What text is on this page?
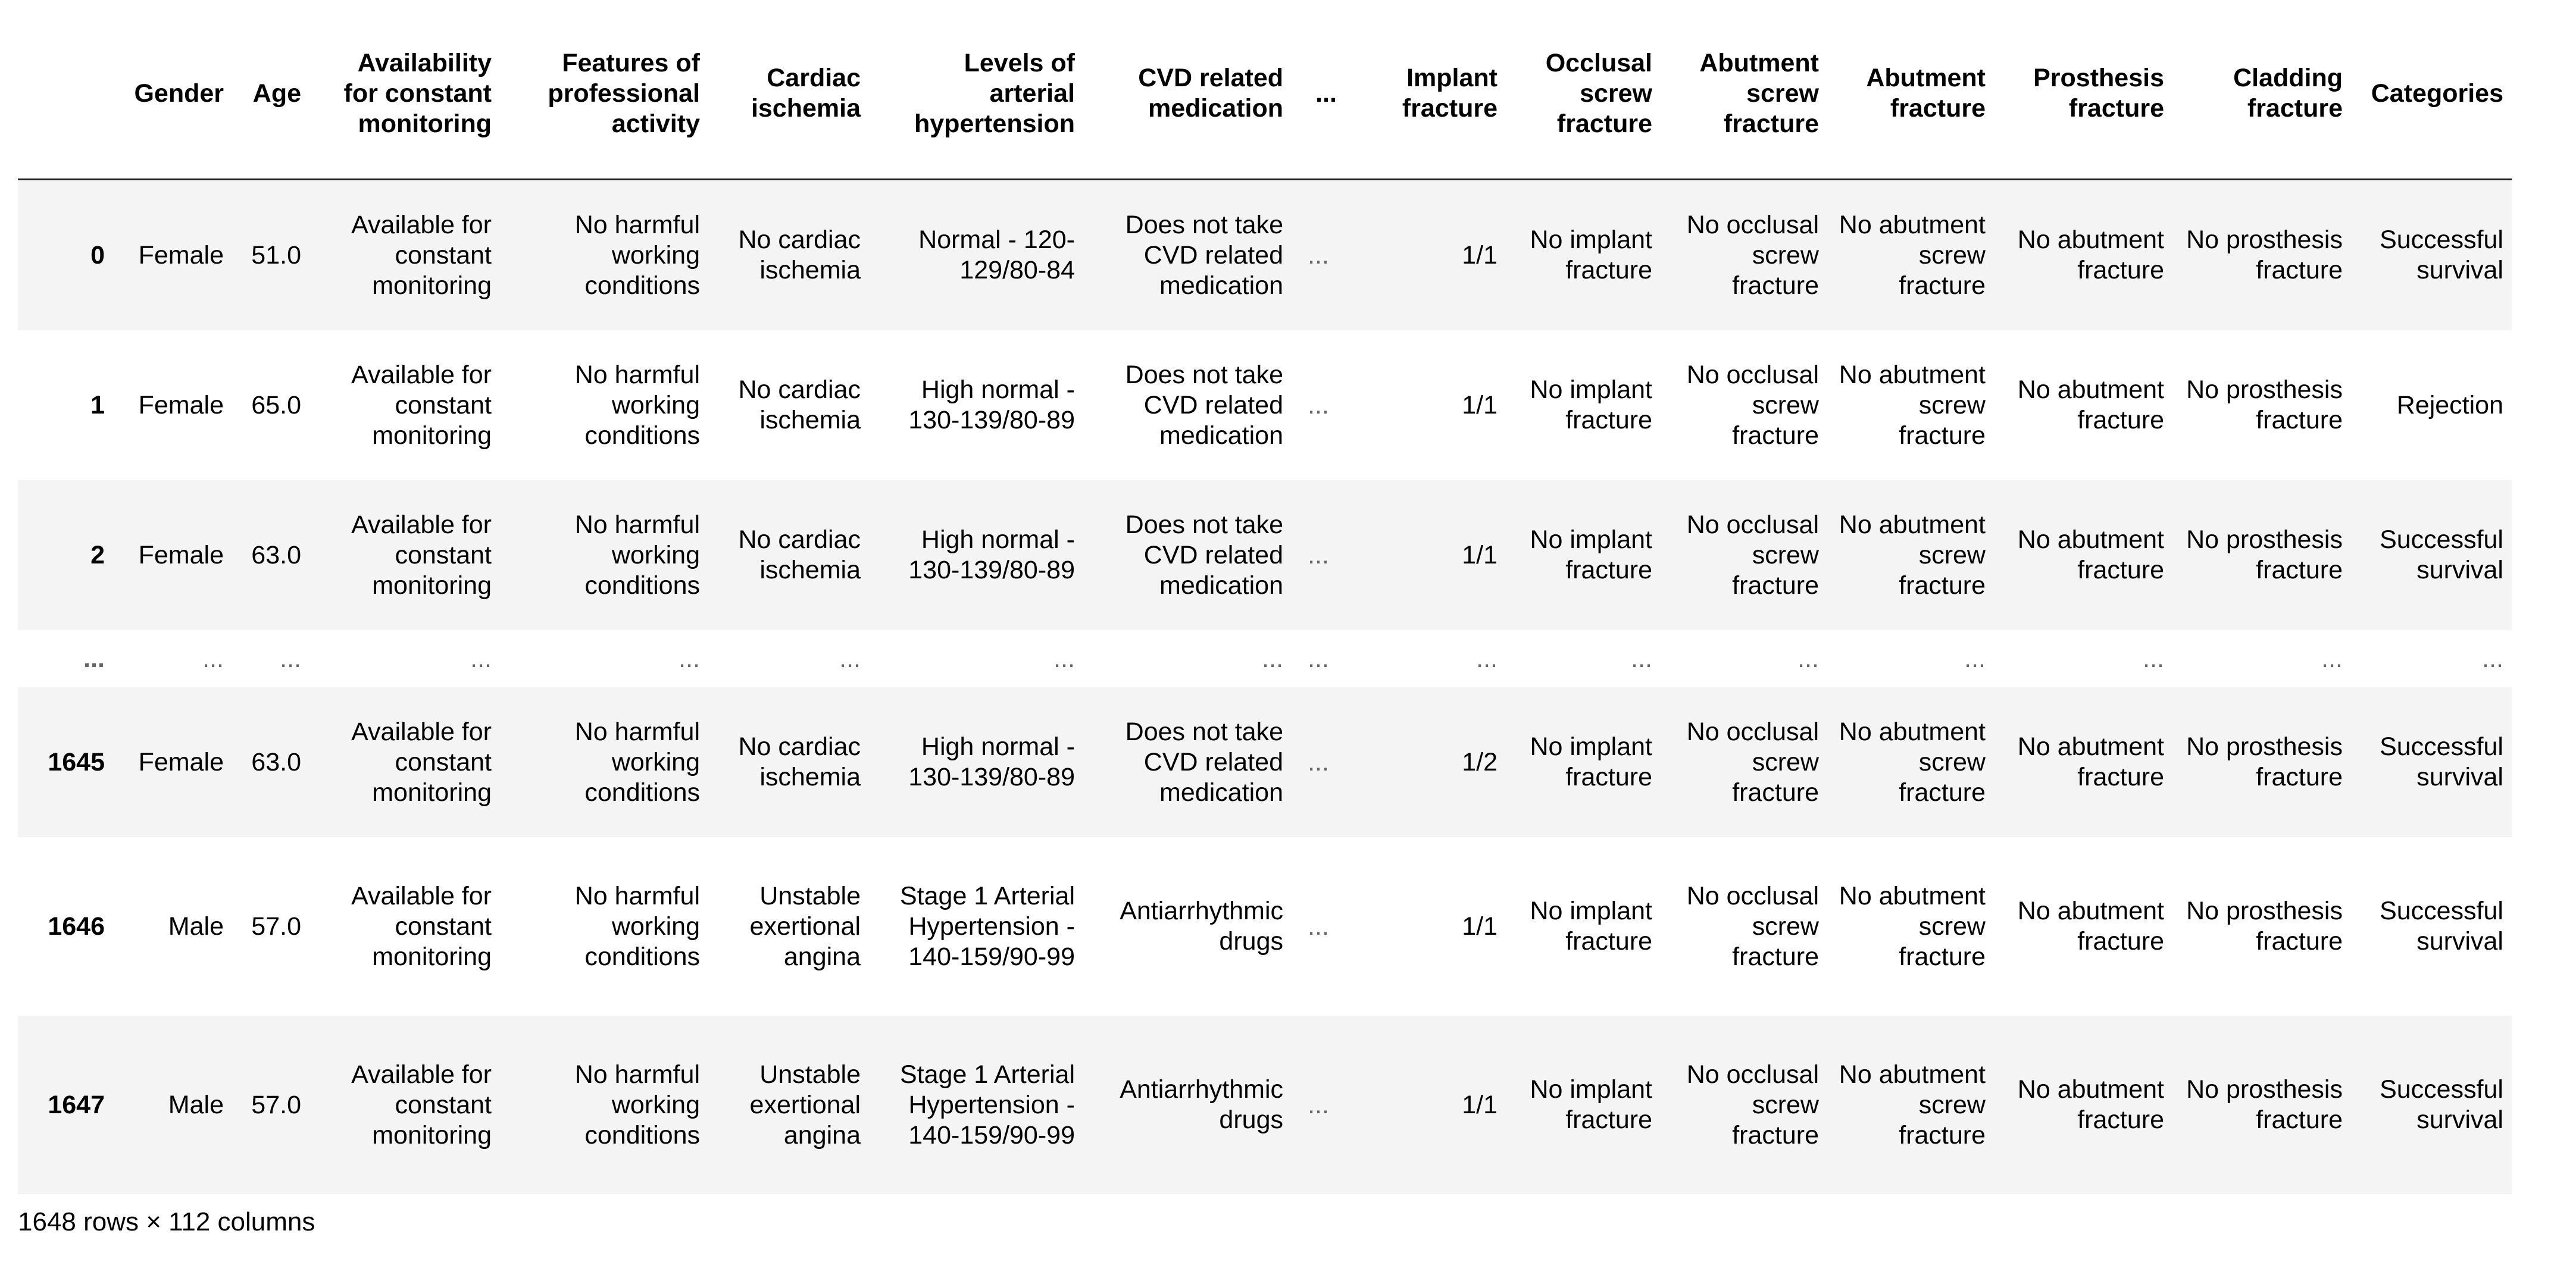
	Gender	Age	Availability for constant monitoring	Features of professional activity	Cardiac ischemia	Levels of arterial hypertension	CVD related medication	...	Implant fracture	Occlusal screw fracture	Abutment screw fracture	Abutment fracture	Prosthesis fracture	Cladding fracture	Categories
0	Female	51.0	Available for constant monitoring	No harmful working conditions	No cardiac ischemia	Normal - 120-129/80-84	Does not take CVD related medication	...	1/1	No implant fracture	No occlusal screw fracture	No abutment screw fracture	No abutment fracture	No prosthesis fracture	Successful survival
1	Female	65.0	Available for constant monitoring	No harmful working conditions	No cardiac ischemia	High normal - 130-139/80-89	Does not take CVD related medication	...	1/1	No implant fracture	No occlusal screw fracture	No abutment screw fracture	No abutment fracture	No prosthesis fracture	Rejection
2	Female	63.0	Available for constant monitoring	No harmful working conditions	No cardiac ischemia	High normal - 130-139/80-89	Does not take CVD related medication	...	1/1	No implant fracture	No occlusal screw fracture	No abutment screw fracture	No abutment fracture	No prosthesis fracture	Successful survival
...	...	...	...	...	...	...	...	...	...	...	...	...	...	...	...
1645	Female	63.0	Available for constant monitoring	No harmful working conditions	No cardiac ischemia	High normal - 130-139/80-89	Does not take CVD related medication	...	1/2	No implant fracture	No occlusal screw fracture	No abutment screw fracture	No abutment fracture	No prosthesis fracture	Successful survival
1646	Male	57.0	Available for constant monitoring	No harmful working conditions	Unstable exertional angina	Stage 1 Arterial Hypertension - 140-159/90-99	Antiarrhythmic drugs	...	1/1	No implant fracture	No occlusal screw fracture	No abutment screw fracture	No abutment fracture	No prosthesis fracture	Successful survival
1647	Male	57.0	Available for constant monitoring	No harmful working conditions	Unstable exertional angina	Stage 1 Arterial Hypertension - 140-159/90-99	Antiarrhythmic drugs	...	1/1	No implant fracture	No occlusal screw fracture	No abutment screw fracture	No abutment fracture	No prosthesis fracture	Successful survival
1648 rows × 112 columns
